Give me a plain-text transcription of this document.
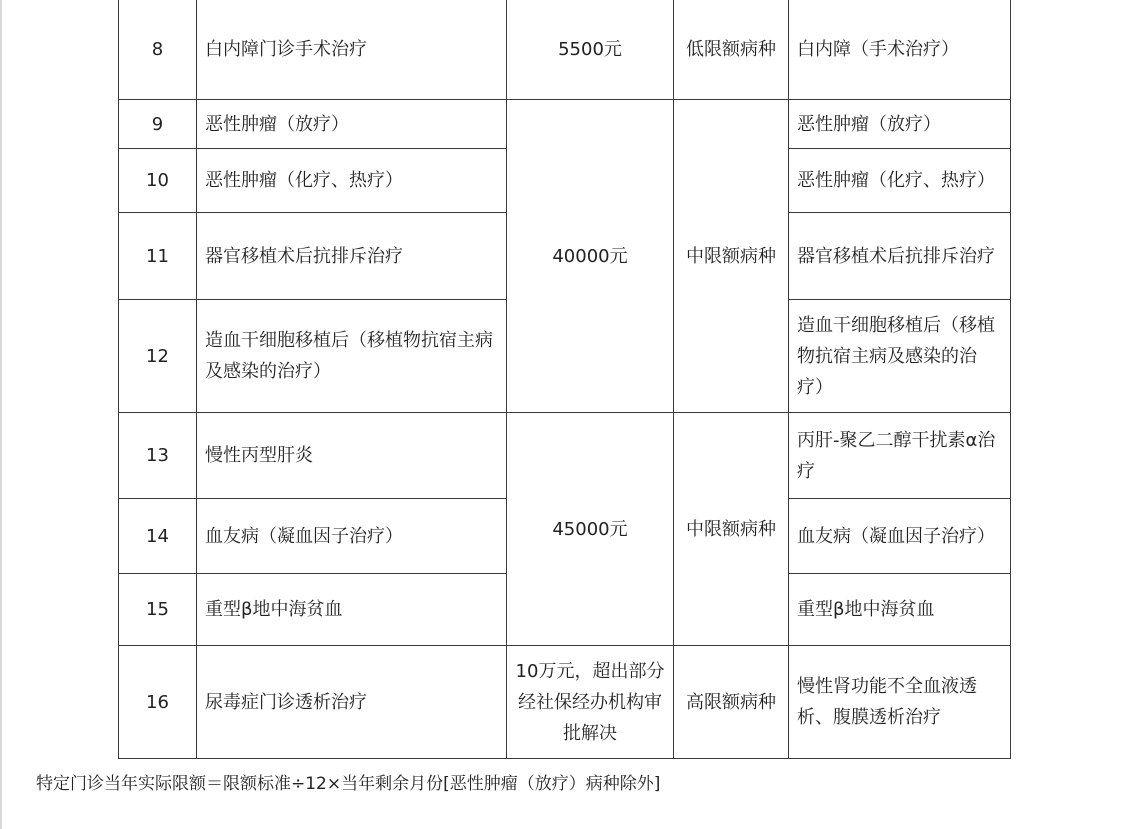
8	白内障门诊手术治疗	5500元	低限额病种	白内障（手术治疗）
9	恶性肿瘤（放疗）	40000元	中限额病种	恶性肿瘤（放疗）
10	恶性肿瘤（化疗、热疗）			恶性肿瘤（化疗、热疗）
11	器官移植术后抗排斥治疗			器官移植术后抗排斥治疗
12	造血干细胞移植后（移植物抗宿主病及感染的治疗）			造血干细胞移植后（移植物抗宿主病及感染的治疗）
13	慢性丙型肝炎	45000元	中限额病种	丙肝-聚乙二醇干扰素α治疗
14	血友病（凝血因子治疗）			血友病（凝血因子治疗）
15	重型β地中海贫血			重型β地中海贫血
16	尿毒症门诊透析治疗	10万元，超出部分经社保经办机构审批解决	高限额病种	慢性肾功能不全血液透析、腹膜透析治疗
特定门诊当年实际限额＝限额标准÷12×当年剩余月份[恶性肿瘤（放疗）病种除外]
